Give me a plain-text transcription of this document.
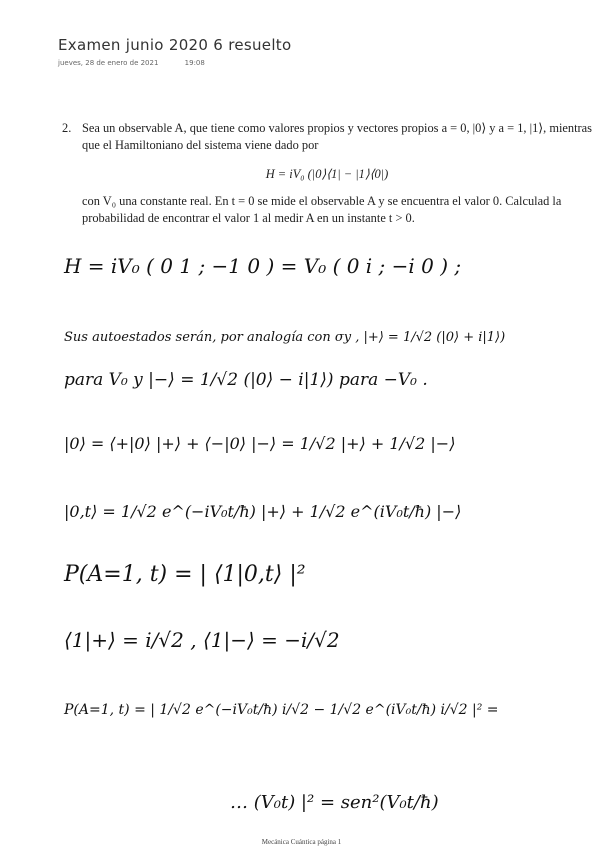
Examen junio 2020 6 resuelto
jueves, 28 de enero de 2021	19:08
2. Sea un observable A, que tiene como valores propios y vectores propios a = 0, |0⟩ y a = 1, |1⟩, mientras que el Hamiltoniano del sistema viene dado por
H = iV₀ (|0⟩⟨1| − |1⟩⟨0|)
con V₀ una constante real. En t = 0 se mide el observable A y se encuentra el valor 0. Calculad la probabilidad de encontrar el valor 1 al medir A en un instante t > 0.
H = iV₀ ( 0 1 ; −1 0 ) = V₀ ( 0 i ; −i 0 ) ;
Sus autoestados serán, por analogía con σy , |+⟩ = 1/√2 (|0⟩ + i|1⟩)
para V₀ y |−⟩ = 1/√2 (|0⟩ − i|1⟩) para −V₀ .
|0⟩ = ⟨+|0⟩ |+⟩ + ⟨−|0⟩ |−⟩ = 1/√2 |+⟩ + 1/√2 |−⟩
|0,t⟩ = 1/√2 e^(−iV₀t/ħ) |+⟩ + 1/√2 e^(iV₀t/ħ) |−⟩
P(A=1, t) = | ⟨1|0,t⟩ |²
⟨1|+⟩ = i/√2 , ⟨1|−⟩ = −i/√2
P(A=1, t) = | 1/√2 e^(−iV₀t/ħ) i/√2 − 1/√2 e^(iV₀t/ħ) i/√2 |² =
… (V₀t) |² = sen²(V₀t/ħ)
Mecánica Cuántica página 1
